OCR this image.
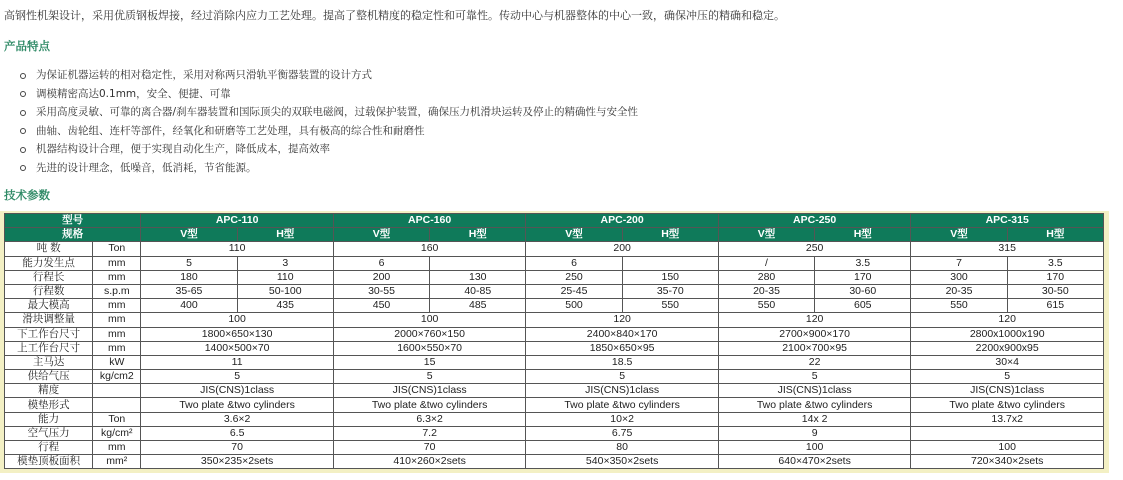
高钢性机架设计，采用优质钢板焊接，经过消除内应力工艺处理。提高了整机精度的稳定性和可靠性。传动中心与机器整体的中心一致，确保冲压的精确和稳定。
产品特点
为保证机器运转的相对稳定性，采用对称两只滑轨平衡器装置的设计方式
调模精密高达0.1mm，安全、便捷、可靠
采用高度灵敏、可靠的离合器/刹车器装置和国际顶尖的双联电磁阀，过载保护装置，确保压力机滑块运转及停止的精确性与安全性
曲轴、齿轮组、连杆等部件，经氧化和研磨等工艺处理，具有极高的综合性和耐磨性
机器结构设计合理，便于实现自动化生产，降低成本，提高效率
先进的设计理念，低噪音，低消耗，节省能源。
技术参数
型号		APC-110		APC-160		APC-200		APC-250		APC-315	
规格		V型	H型	V型	H型	V型	H型	V型	H型	V型	H型
吨 数	Ton	110		160		200		250		315	
能力发生点	mm	5	3	6		6		/	3.5	7	3.5
行程长	mm	180	110	200	130	250	150	280	170	300	170
行程数	s.p.m	35-65	50-100	30-55	40-85	25-45	35-70	20-35	30-60	20-35	30-50
最大模高	mm	400	435	450	485	500	550	550	605	550	615
滑块调整量	mm	100		100		120		120		120	
下工作台尺寸	mm	1800×650×130		2000×760×150		2400×840×170		2700×900×170		2800x1000x190	
上工作台尺寸	mm	1400×500×70		1600×550×70		1850×650×95		2100×700×95		2200x900x95	
主马达	kW	11		15		18.5		22		30×4	
供给气压	kg/cm2	5		5		5		5		5	
精度		JIS(CNS)1class		JIS(CNS)1class		JIS(CNS)1class		JIS(CNS)1class		JIS(CNS)1class	
模垫形式		Two plate &two cylinders		Two plate &two cylinders		Two plate &two cylinders		Two plate &two cylinders		Two plate &two cylinders	
能力	Ton	3.6×2		6.3×2		10×2		14x 2		13.7x2	
空气压力	kg/cm²	6.5		7.2		6.75		9			
行程	mm	70		70		80		100		100	
模垫顶板面积	mm²	350×235×2sets		410×260×2sets		540×350×2sets		640×470×2sets		720×340×2sets	
